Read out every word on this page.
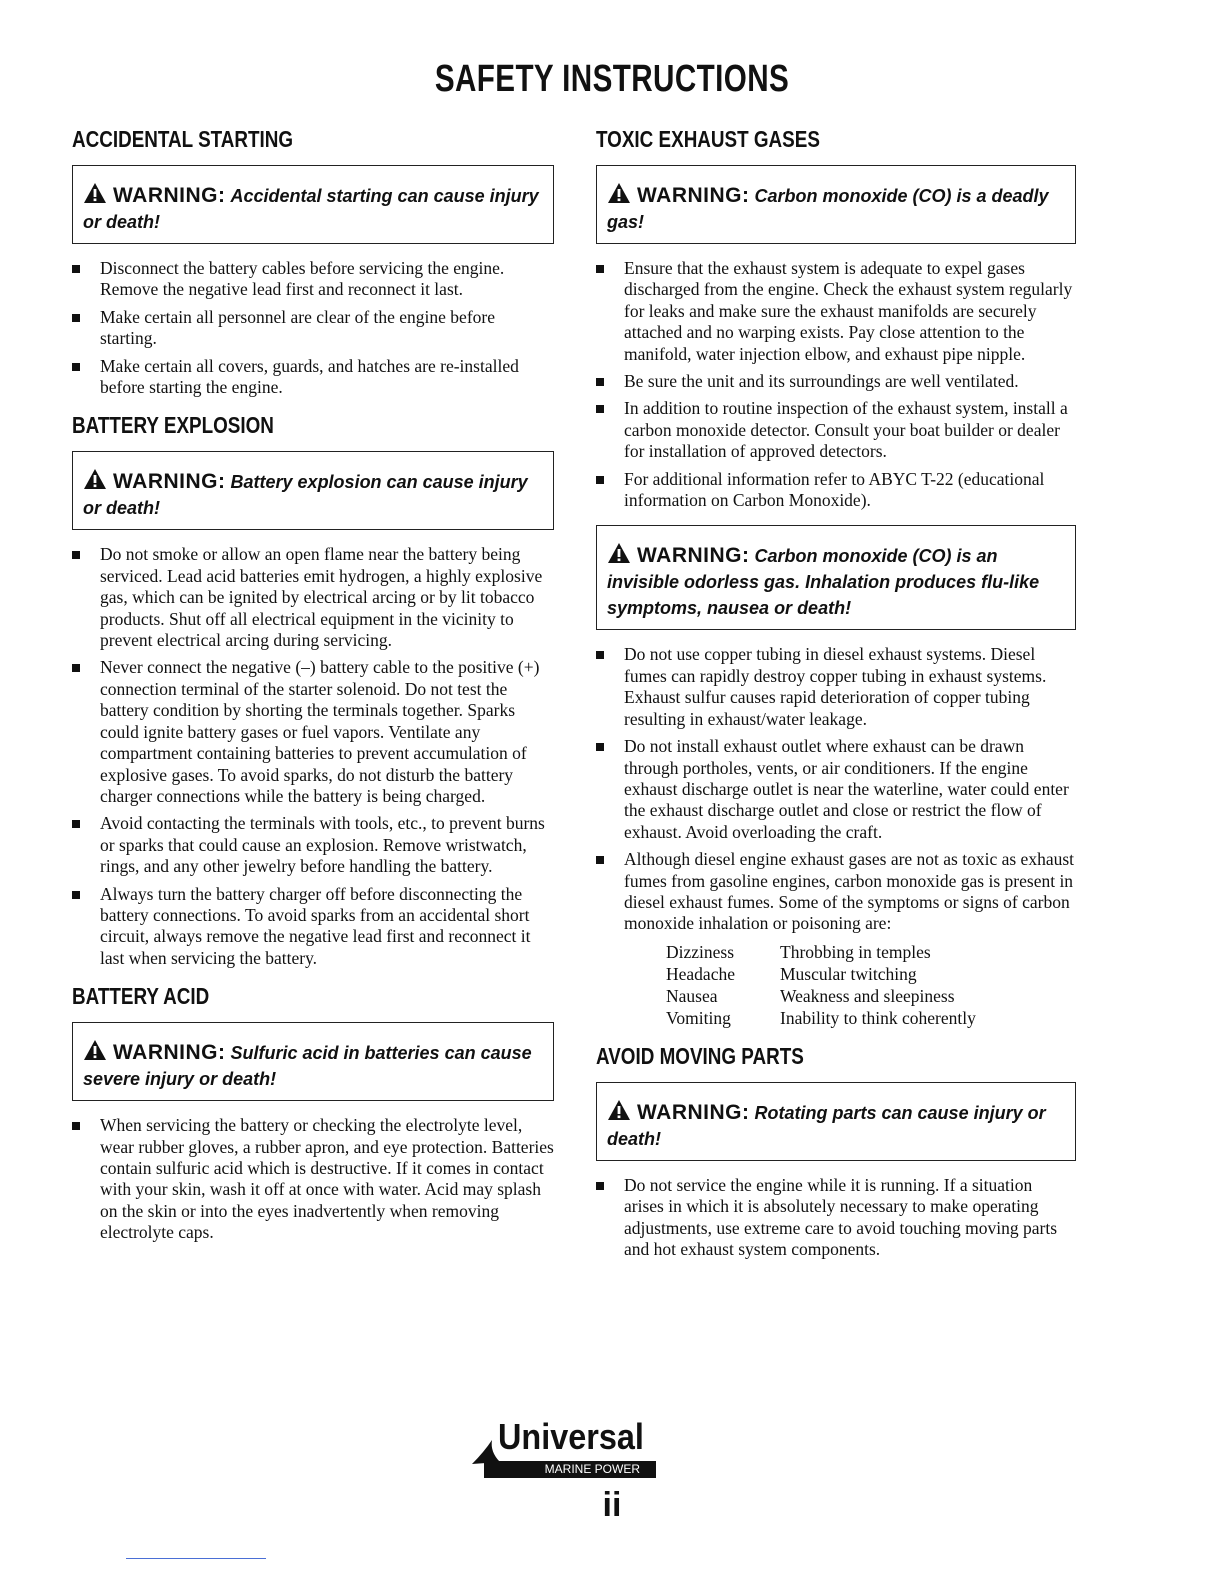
SAFETY INSTRUCTIONS
ACCIDENTAL STARTING
WARNING: Accidental starting can cause injury or death!
Disconnect the battery cables before servicing the engine. Remove the negative lead first and reconnect it last.
Make certain all personnel are clear of the engine before starting.
Make certain all covers, guards, and hatches are re-installed before starting the engine.
BATTERY EXPLOSION
WARNING: Battery explosion can cause injury or death!
Do not smoke or allow an open flame near the battery being serviced. Lead acid batteries emit hydrogen, a highly explosive gas, which can be ignited by electrical arcing or by lit tobacco products. Shut off all electrical equipment in the vicinity to prevent electrical arcing during servicing.
Never connect the negative (–) battery cable to the positive (+) connection terminal of the starter solenoid. Do not test the battery condition by shorting the terminals together. Sparks could ignite battery gases or fuel vapors. Ventilate any compartment containing batteries to prevent accumulation of explosive gases. To avoid sparks, do not disturb the battery charger connections while the battery is being charged.
Avoid contacting the terminals with tools, etc., to prevent burns or sparks that could cause an explosion. Remove wristwatch, rings, and any other jewelry before handling the battery.
Always turn the battery charger off before disconnecting the battery connections. To avoid sparks from an accidental short circuit, always remove the negative lead first and reconnect it last when servicing the battery.
BATTERY ACID
WARNING: Sulfuric acid in batteries can cause severe injury or death!
When servicing the battery or checking the electrolyte level, wear rubber gloves, a rubber apron, and eye protection. Batteries contain sulfuric acid which is destructive. If it comes in contact with your skin, wash it off at once with water. Acid may splash on the skin or into the eyes inadvertently when removing electrolyte caps.
TOXIC EXHAUST GASES
WARNING: Carbon monoxide (CO) is a deadly gas!
Ensure that the exhaust system is adequate to expel gases discharged from the engine. Check the exhaust system regularly for leaks and make sure the exhaust manifolds are securely attached and no warping exists. Pay close attention to the manifold, water injection elbow, and exhaust pipe nipple.
Be sure the unit and its surroundings are well ventilated.
In addition to routine inspection of the exhaust system, install a carbon monoxide detector. Consult your boat builder or dealer for installation of approved detectors.
For additional information refer to ABYC T-22 (educational information on Carbon Monoxide).
WARNING: Carbon monoxide (CO) is an invisible odorless gas. Inhalation produces flu-like symptoms, nausea or death!
Do not use copper tubing in diesel exhaust systems. Diesel fumes can rapidly destroy copper tubing in exhaust systems. Exhaust sulfur causes rapid deterioration of copper tubing resulting in exhaust/water leakage.
Do not install exhaust outlet where exhaust can be drawn through portholes, vents, or air conditioners. If the engine exhaust discharge outlet is near the waterline, water could enter the exhaust discharge outlet and close or restrict the flow of exhaust. Avoid overloading the craft.
Although diesel engine exhaust gases are not as toxic as exhaust fumes from gasoline engines, carbon monoxide gas is present in diesel exhaust fumes. Some of the symptoms or signs of carbon monoxide inhalation or poisoning are:
Dizziness	Throbbing in temples
Headache	Muscular twitching
Nausea	Weakness and sleepiness
Vomiting	Inability to think coherently
AVOID MOVING PARTS
WARNING: Rotating parts can cause injury or death!
Do not service the engine while it is running. If a situation arises in which it is absolutely necessary to make operating adjustments, use extreme care to avoid touching moving parts and hot exhaust system components.
Universal
MARINE POWER
ii
